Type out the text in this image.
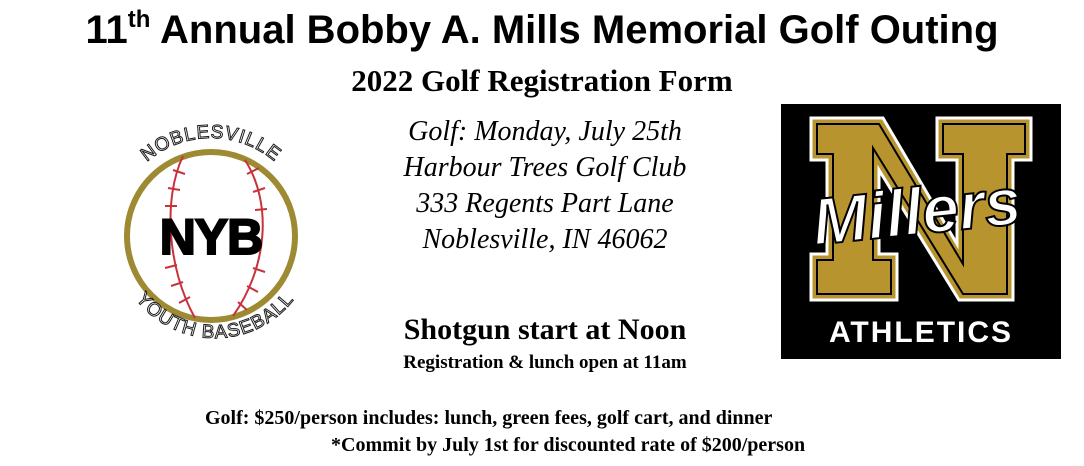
11th Annual Bobby A. Mills Memorial Golf Outing
2022 Golf Registration Form
NOBLESVILLE
YOUTH BASEBALL
NYB
Golf: Monday, July 25th
Harbour Trees Golf Club
333 Regents Part Lane
Noblesville, IN 46062	Millers
ATHLETICS
Shotgun start at Noon
Registration & lunch open at 11am
Golf: $250/person includes: lunch, green fees, golf cart, and dinner
*Commit by July 1st for discounted rate of $200/person
